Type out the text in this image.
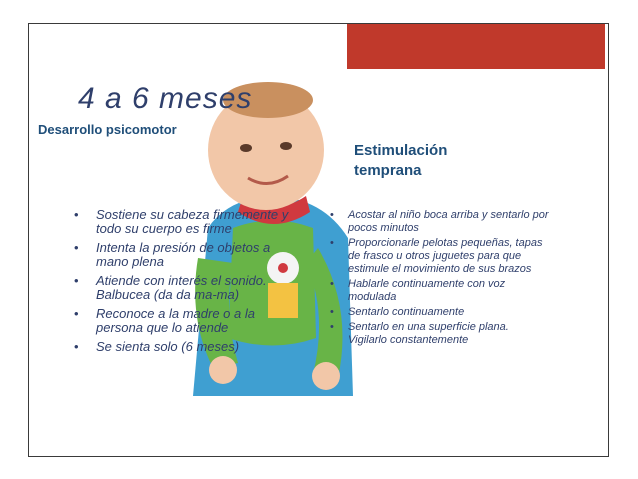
4 a 6 meses
Desarrollo psicomotor
Estimulación temprana
• Sostiene su cabeza firmemente y todo su cuerpo es firme
• Intenta la presión de objetos a mano plena
• Atiende con interés el sonido. Balbucea (da da ma-ma)
• Reconoce a la madre o a la persona que lo atiende
• Se sienta solo (6 meses)
• Acostar al niño boca arriba y sentarlo por pocos minutos
• Proporcionarle pelotas pequeñas, tapas de frasco u otros juguetes para que estimule el movimiento de sus brazos
• Hablarle continuamente con voz modulada
• Sentarlo continuamente
• Sentarlo en una superficie plana. Vigilarlo constantemente
